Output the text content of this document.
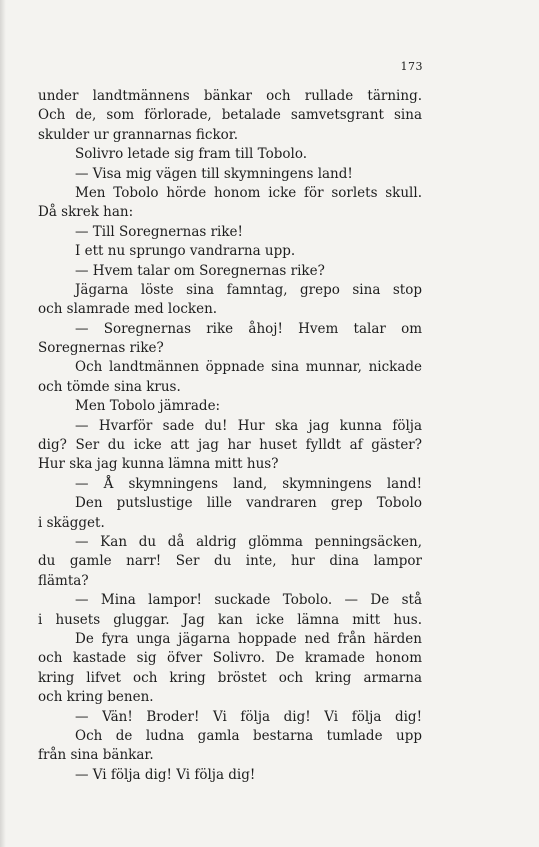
173
under landtmännens bänkar och rullade tärning.
Och de, som förlorade, betalade samvetsgrant sina
skulder ur grannarnas fickor.
Solivro letade sig fram till Tobolo.
— Visa mig vägen till skymningens land!
Men Tobolo hörde honom icke för sorlets skull.
Då skrek han:
— Till Soregnernas rike!
I ett nu sprungo vandrarna upp.
— Hvem talar om Soregnernas rike?
Jägarna löste sina famntag, grepo sina stop
och slamrade med locken.
— Soregnernas rike åhoj! Hvem talar om
Soregnernas rike?
Och landtmännen öppnade sina munnar, nickade
och tömde sina krus.
Men Tobolo jämrade:
— Hvarför sade du! Hur ska jag kunna följa
dig? Ser du icke att jag har huset fylldt af gäster?
Hur ska jag kunna lämna mitt hus?
— Å skymningens land, skymningens land!
Den putslustige lille vandraren grep Tobolo
i skägget.
— Kan du då aldrig glömma penningsäcken,
du gamle narr! Ser du inte, hur dina lampor
flämta?
— Mina lampor! suckade Tobolo. — De stå
i husets gluggar. Jag kan icke lämna mitt hus.
De fyra unga jägarna hoppade ned från härden
och kastade sig öfver Solivro. De kramade honom
kring lifvet och kring bröstet och kring armarna
och kring benen.
— Vän! Broder! Vi följa dig! Vi följa dig!
Och de ludna gamla bestarna tumlade upp
från sina bänkar.
— Vi följa dig! Vi följa dig!
